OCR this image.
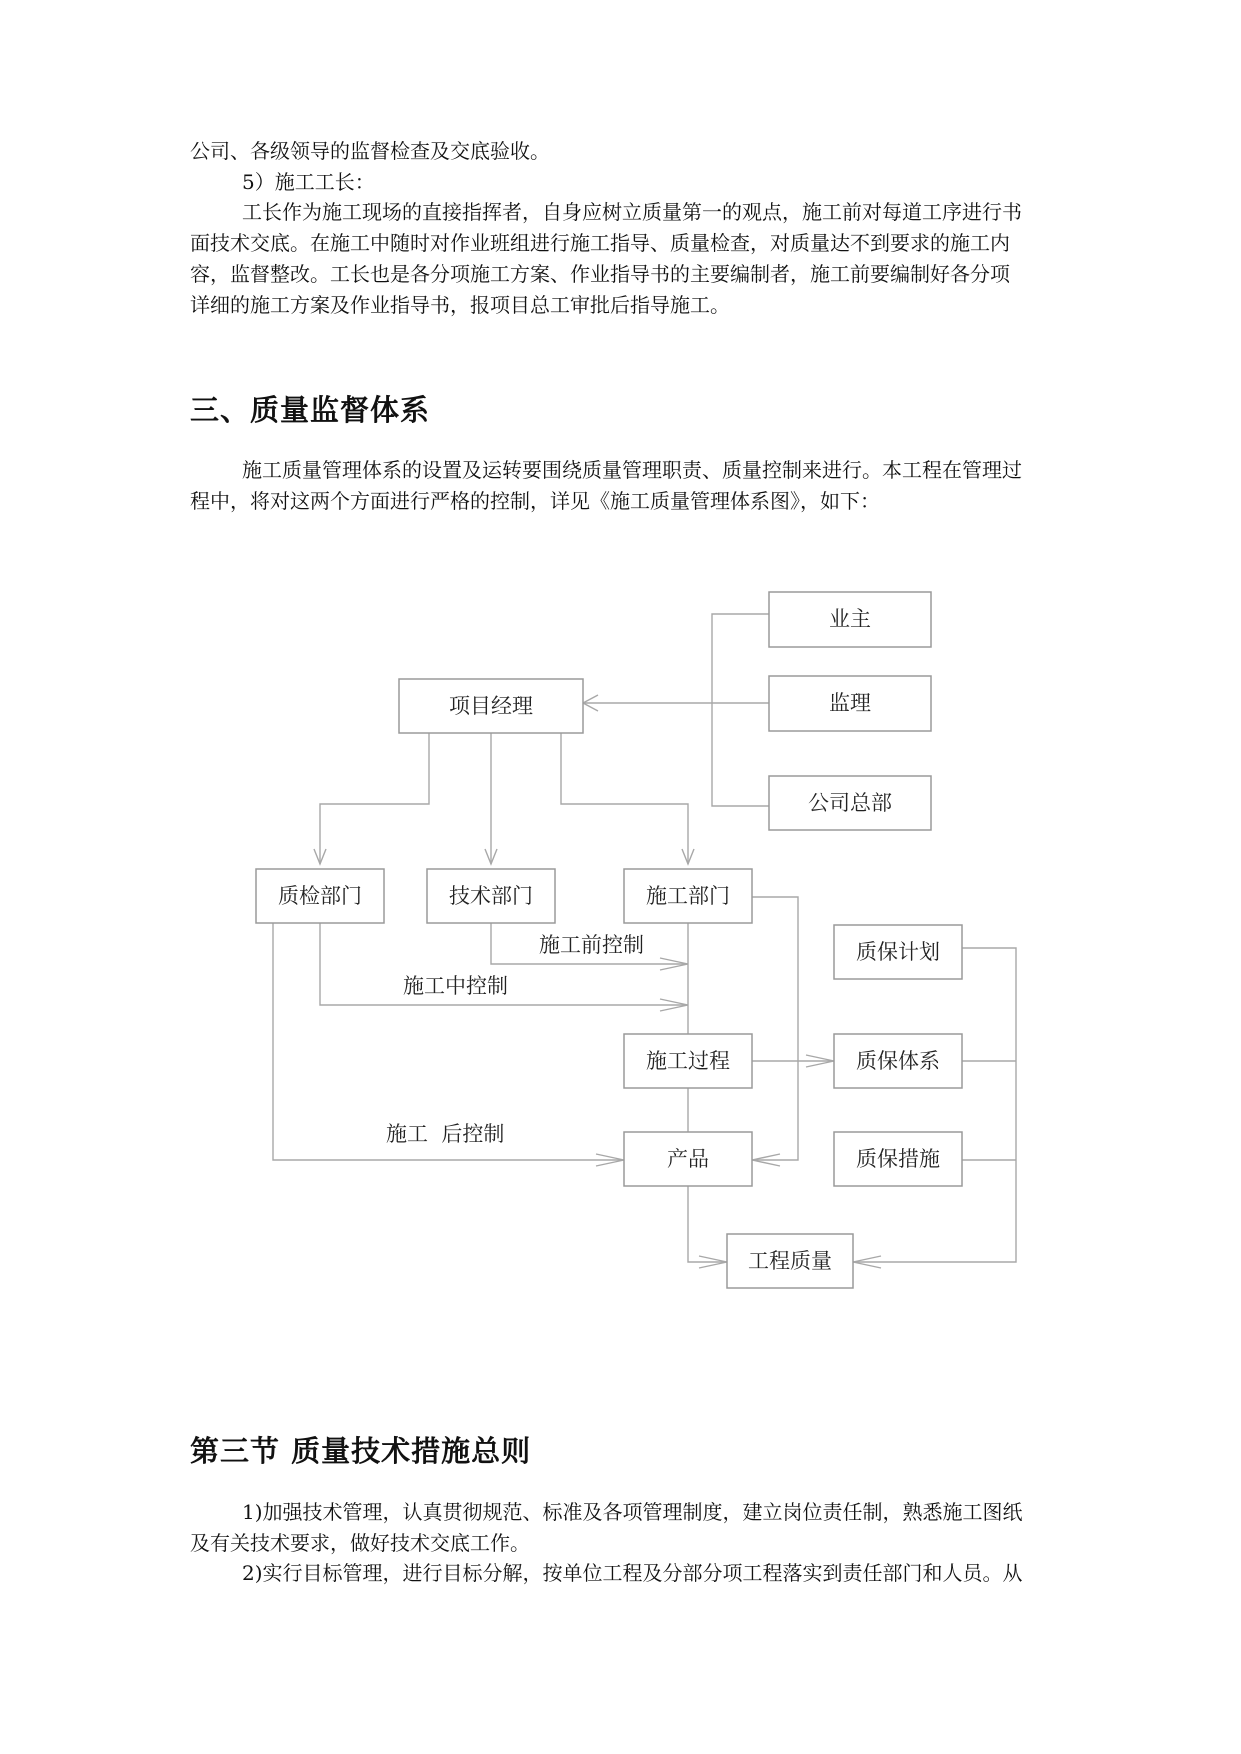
公司、各级领导的监督检查及交底验收。

5）施工工长：

工长作为施工现场的直接指挥者，自身应树立质量第一的观点，施工前对每道工序进行书
面技术交底。在施工中随时对作业班组进行施工指导、质量检查，对质量达不到要求的施工内
容，监督整改。工长也是各分项施工方案、作业指导书的主要编制者，施工前要编制好各分项
详细的施工方案及作业指导书，报项目总工审批后指导施工。

三、质量监督体系

施工质量管理体系的设置及运转要围绕质量管理职责、质量控制来进行。本工程在管理过
程中，将对这两个方面进行严格的控制，详见《施工质量管理体系图》，如下：

业主
监理
公司总部
项目经理
质检部门	技术部门	施工部门
质保计划
施工过程	质保体系
产品	质保措施
工程质量
施工前控制
施工中控制
施工  后控制
第三节 质量技术措施总则

1)加强技术管理，认真贯彻规范、标准及各项管理制度，建立岗位责任制，熟悉施工图纸
及有关技术要求，做好技术交底工作。

2)实行目标管理，进行目标分解，按单位工程及分部分项工程落实到责任部门和人员。从
